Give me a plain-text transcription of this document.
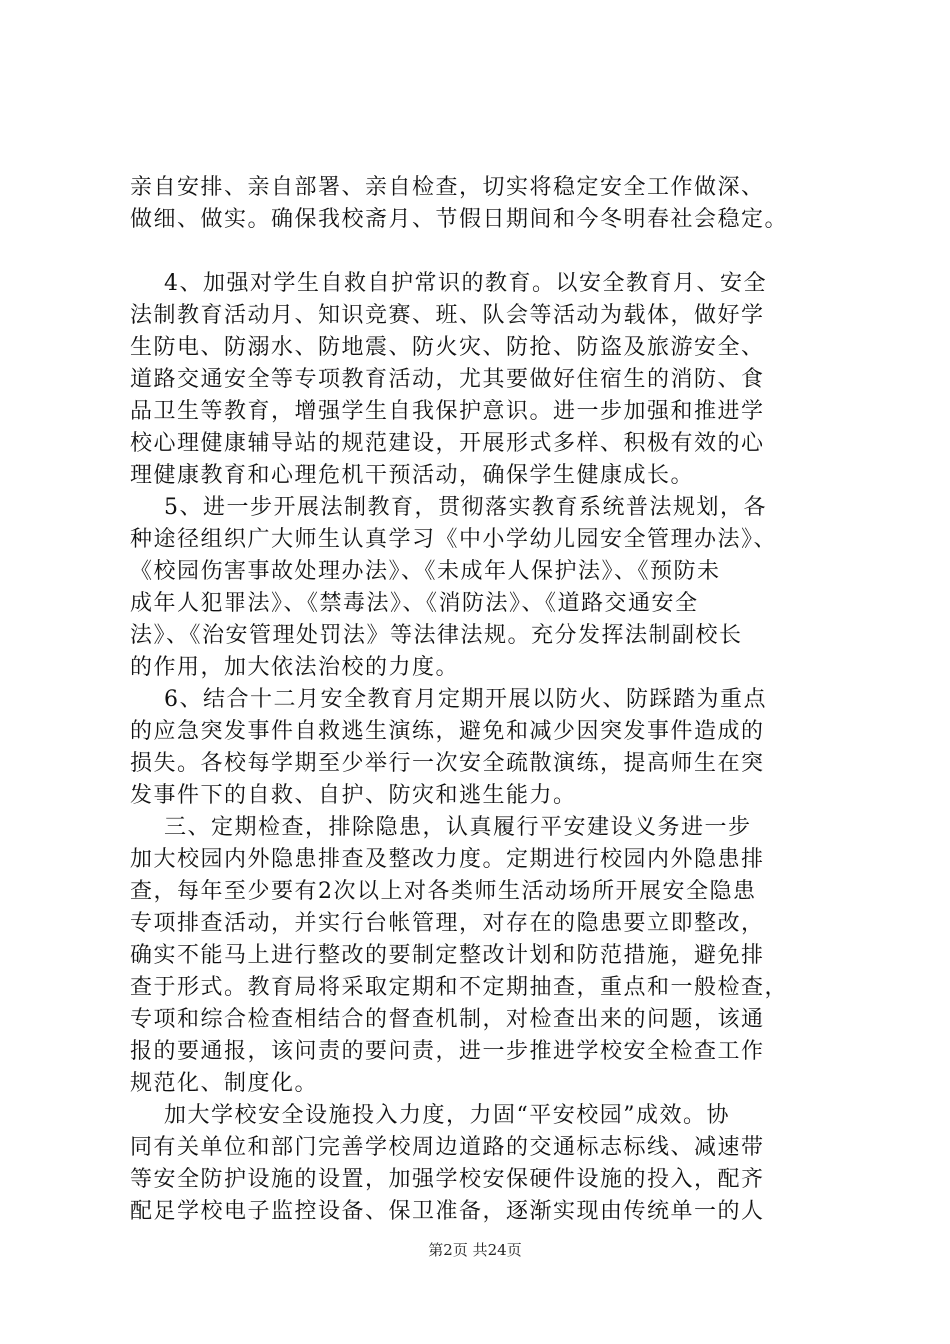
亲自安排、亲自部署、亲自检查，切实将稳定安全工作做深、
做细、做实。确保我校斋月、节假日期间和今冬明春社会稳定。
4、加强对学生自救自护常识的教育。以安全教育月、安全
法制教育活动月、知识竞赛、班、队会等活动为载体，做好学
生防电、防溺水、防地震、防火灾、防抢、防盗及旅游安全、
道路交通安全等专项教育活动，尤其要做好住宿生的消防、食
品卫生等教育，增强学生自我保护意识。进一步加强和推进学
校心理健康辅导站的规范建设，开展形式多样、积极有效的心
理健康教育和心理危机干预活动，确保学生健康成长。
5、进一步开展法制教育，贯彻落实教育系统普法规划，各
种途径组织广大师生认真学习《中小学幼儿园安全管理办法》、
《校园伤害事故处理办法》、《未成年人保护法》、《预防未
成年人犯罪法》、《禁毒法》、《消防法》、《道路交通安全
法》、《治安管理处罚法》等法律法规。充分发挥法制副校长
的作用，加大依法治校的力度。
6、结合十二月安全教育月定期开展以防火、防踩踏为重点
的应急突发事件自救逃生演练，避免和减少因突发事件造成的
损失。各校每学期至少举行一次安全疏散演练，提高师生在突
发事件下的自救、自护、防灾和逃生能力。
三、定期检查，排除隐患，认真履行平安建设义务进一步
加大校园内外隐患排查及整改力度。定期进行校园内外隐患排
查，每年至少要有2次以上对各类师生活动场所开展安全隐患
专项排查活动，并实行台帐管理，对存在的隐患要立即整改，
确实不能马上进行整改的要制定整改计划和防范措施，避免排
查于形式。教育局将采取定期和不定期抽查，重点和一般检查，
专项和综合检查相结合的督查机制，对检查出来的问题，该通
报的要通报，该问责的要问责，进一步推进学校安全检查工作
规范化、制度化。
加大学校安全设施投入力度，力固“平安校园”成效。协
同有关单位和部门完善学校周边道路的交通标志标线、减速带
等安全防护设施的设置，加强学校安保硬件设施的投入，配齐
配足学校电子监控设备、保卫准备，逐渐实现由传统单一的人
第2页 共24页
